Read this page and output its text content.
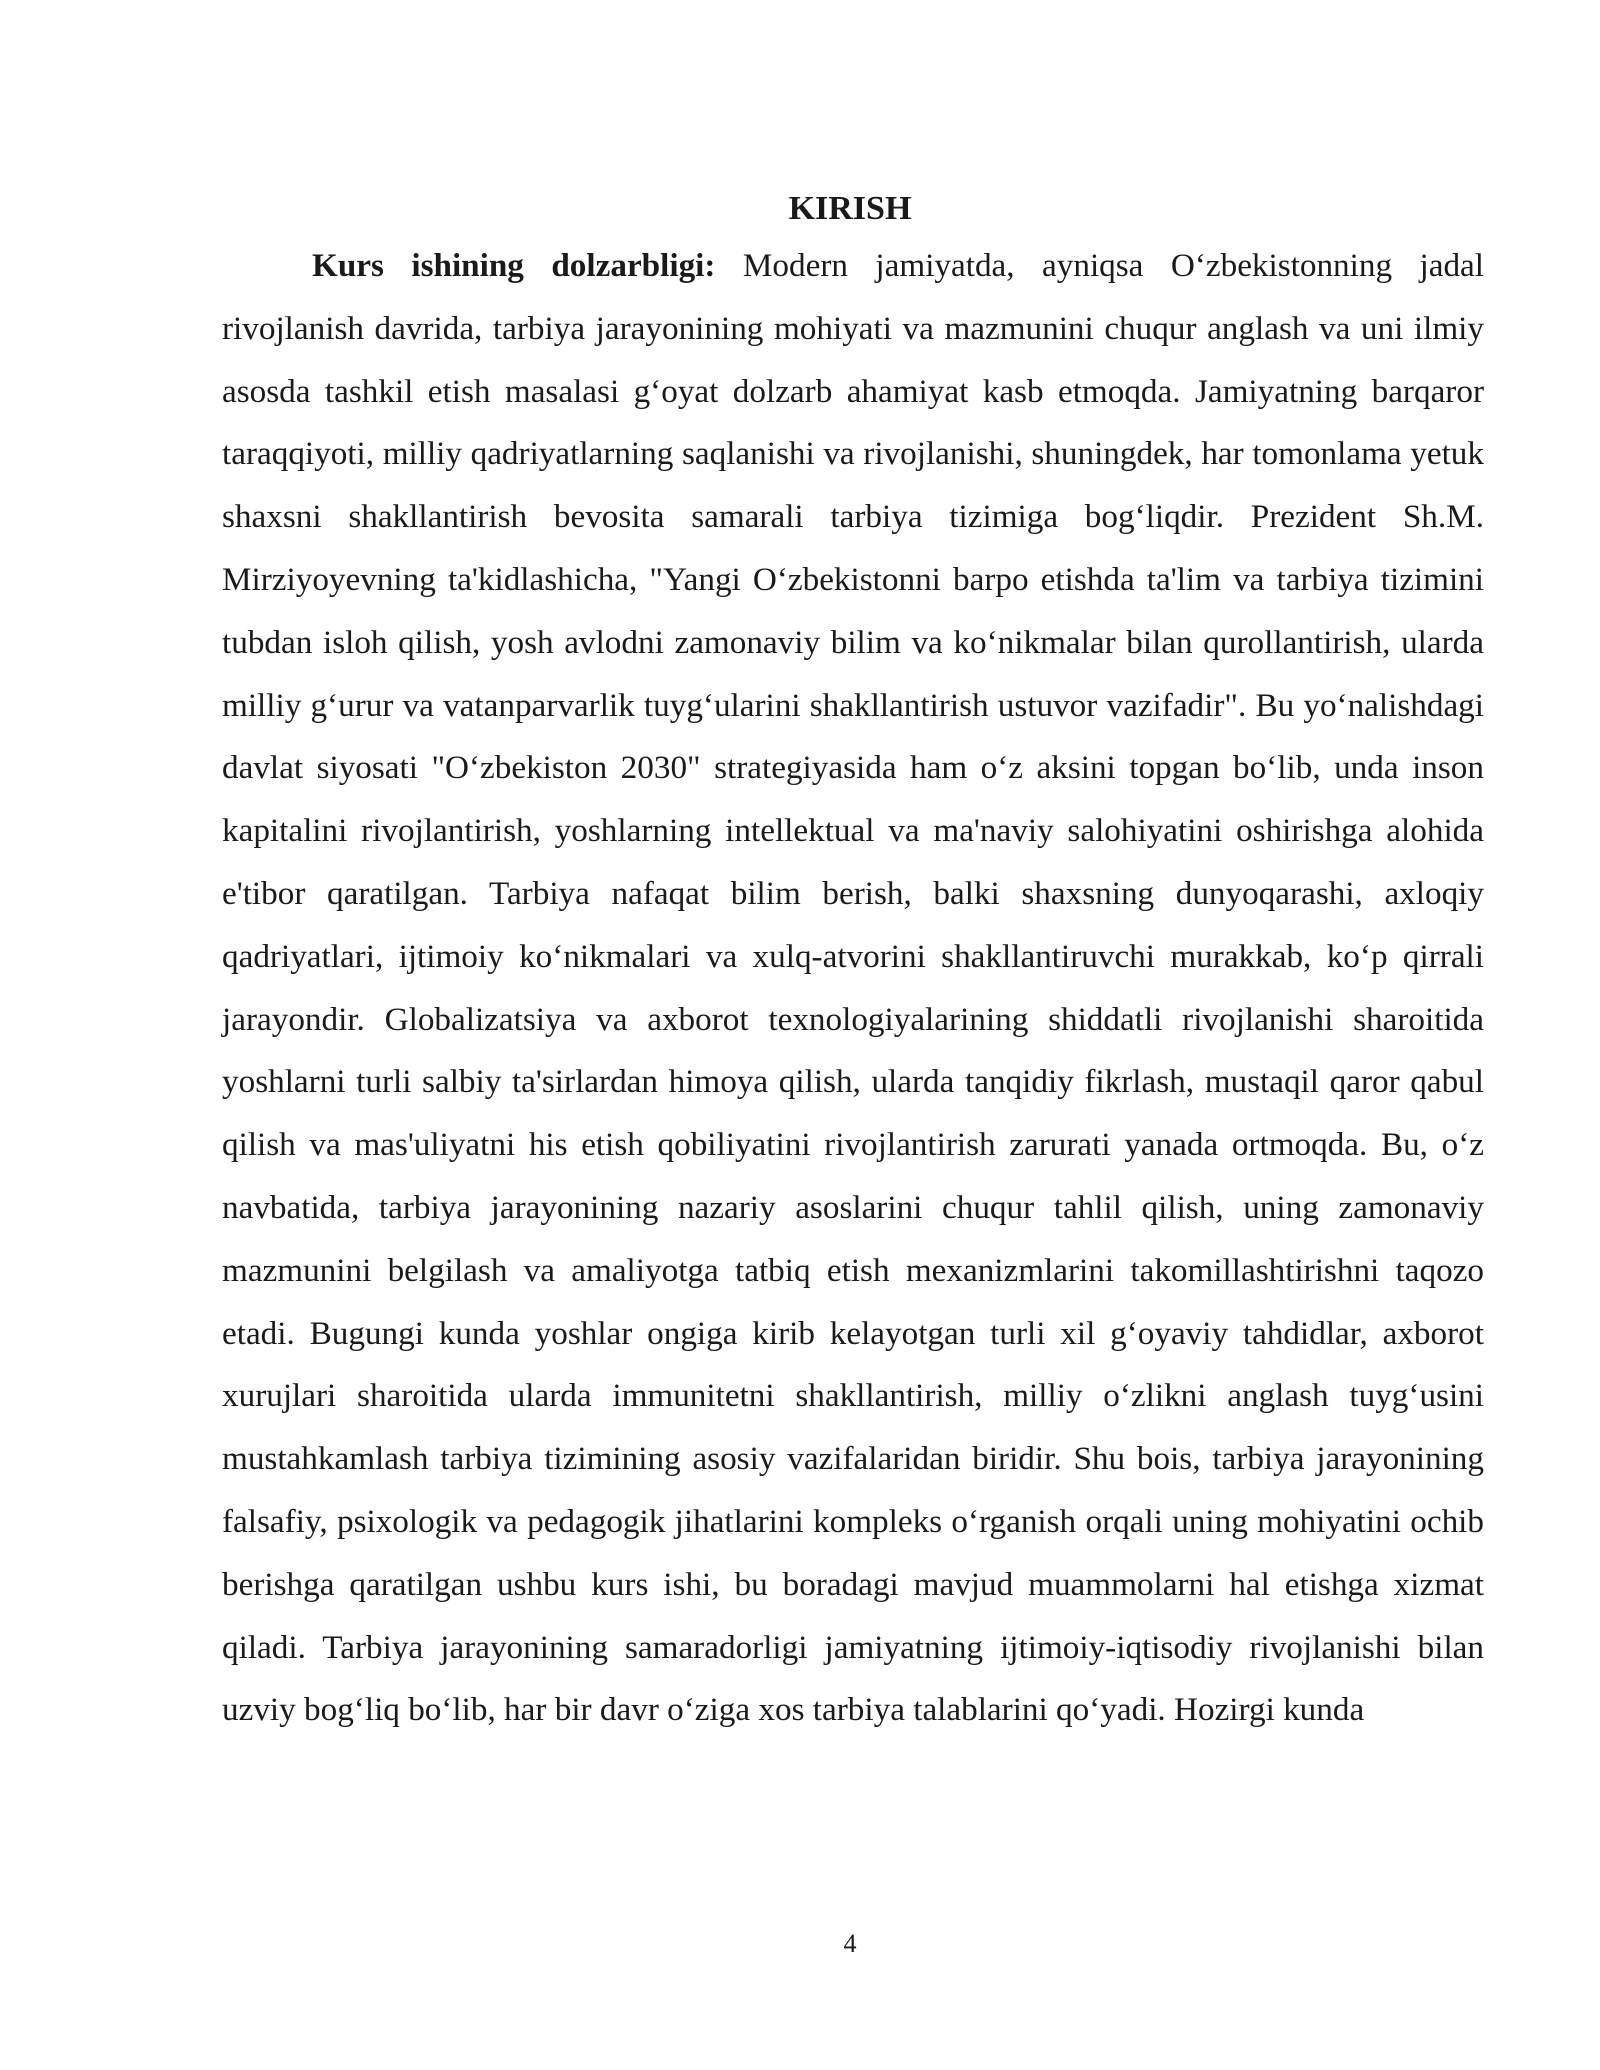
KIRISH

Kurs ishining dolzarbligi: Modern jamiyatda, ayniqsa O‘zbekistonning jadal rivojlanish davrida, tarbiya jarayonining mohiyati va mazmunini chuqur anglash va uni ilmiy asosda tashkil etish masalasi g‘oyat dolzarb ahamiyat kasb etmoqda. Jamiyatning barqaror taraqqiyoti, milliy qadriyatlarning saqlanishi va rivojlanishi, shuningdek, har tomonlama yetuk shaxsni shakllantirish bevosita samarali tarbiya tizimiga bog‘liqdir. Prezident Sh.M. Mirziyoyevning ta'kidlashicha, "Yangi O‘zbekistonni barpo etishda ta'lim va tarbiya tizimini tubdan isloh qilish, yosh avlodni zamonaviy bilim va ko‘nikmalar bilan qurollantirish, ularda milliy g‘urur va vatanparvarlik tuyg‘ularini shakllantirish ustuvor vazifadir". Bu yo‘nalishdagi davlat siyosati "O‘zbekiston 2030" strategiyasida ham o‘z aksini topgan bo‘lib, unda inson kapitalini rivojlantirish, yoshlarning intellektual va ma'naviy salohiyatini oshirishga alohida e'tibor qaratilgan. Tarbiya nafaqat bilim berish, balki shaxsning dunyoqarashi, axloqiy qadriyatlari, ijtimoiy ko‘nikmalari va xulq-atvorini shakllantiruvchi murakkab, ko‘p qirrali jarayondir. Globalizatsiya va axborot texnologiyalarining shiddatli rivojlanishi sharoitida yoshlarni turli salbiy ta'sirlardan himoya qilish, ularda tanqidiy fikrlash, mustaqil qaror qabul qilish va mas'uliyatni his etish qobiliyatini rivojlantirish zarurati yanada ortmoqda. Bu, o‘z navbatida, tarbiya jarayonining nazariy asoslarini chuqur tahlil qilish, uning zamonaviy mazmunini belgilash va amaliyotga tatbiq etish mexanizmlarini takomillashtirishni taqozo etadi. Bugungi kunda yoshlar ongiga kirib kelayotgan turli xil g‘oyaviy tahdidlar, axborot xurujlari sharoitida ularda immunitetni shakllantirish, milliy o‘zlikni anglash tuyg‘usini mustahkamlash tarbiya tizimining asosiy vazifalaridan biridir. Shu bois, tarbiya jarayonining falsafiy, psixologik va pedagogik jihatlarini kompleks o‘rganish orqali uning mohiyatini ochib berishga qaratilgan ushbu kurs ishi, bu boradagi mavjud muammolarni hal etishga xizmat qiladi. Tarbiya jarayonining samaradorligi jamiyatning ijtimoiy-iqtisodiy rivojlanishi bilan uzviy bog‘liq bo‘lib, har bir davr o‘ziga xos tarbiya talablarini qo‘yadi. Hozirgi kunda

4
